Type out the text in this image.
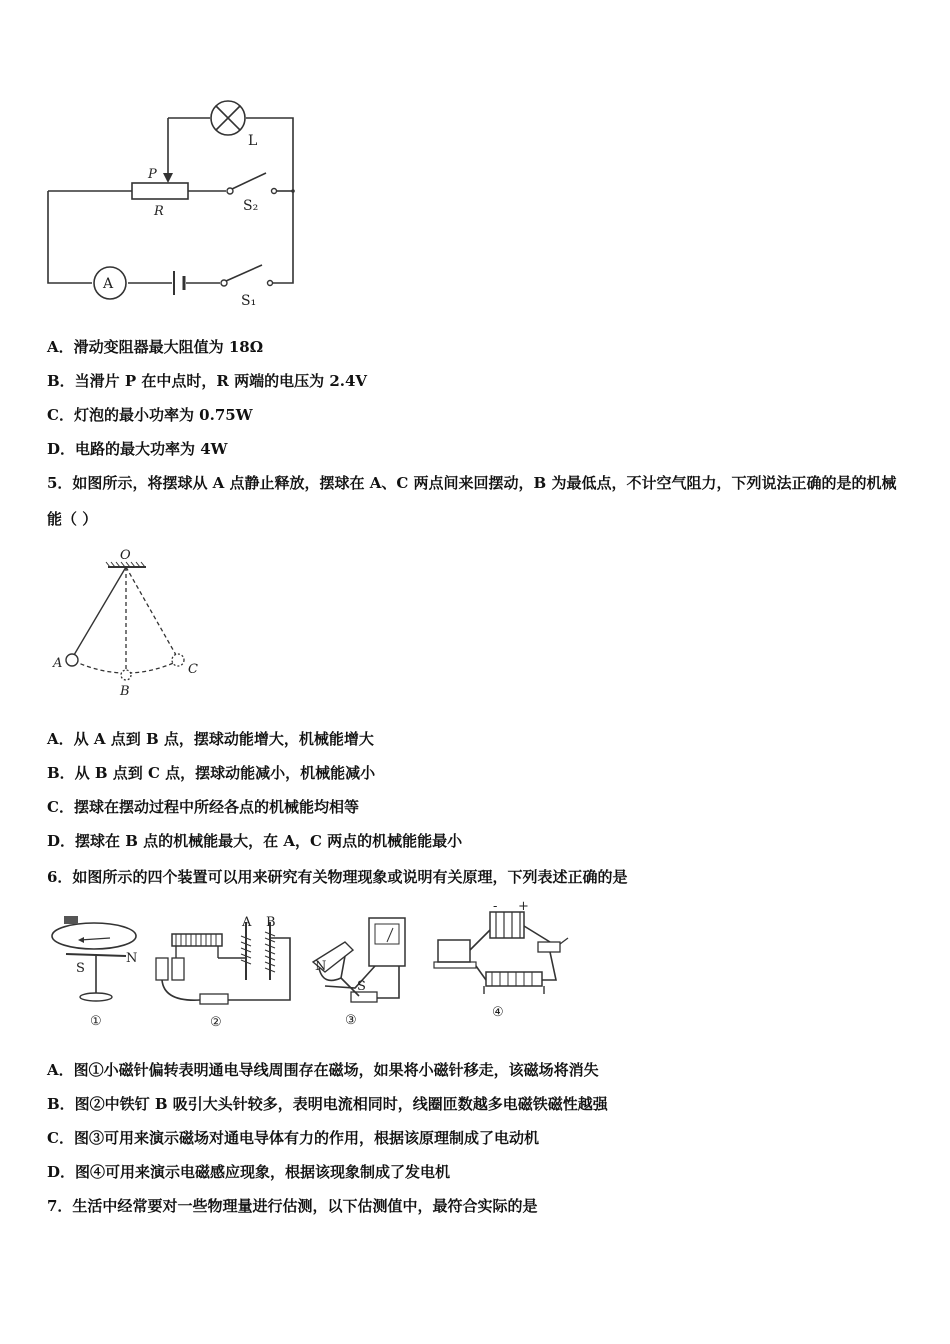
A
P
R
L
S₂
S₁
A．滑动变阻器最大阻值为 18Ω
B．当滑片 P 在中点时，R 两端的电压为 2.4V
C．灯泡的最小功率为 0.75W
D．电路的最大功率为 4W
5．如图所示，将摆球从 A 点静止释放，摆球在 A、C 两点间来回摆动，B 为最低点，不计空气阻力，下列说法正确的是的机械能（ ）
O
A
B
C
A．从 A 点到 B 点，摆球动能增大，机械能增大
B．从 B 点到 C 点，摆球动能减小，机械能减小
C．摆球在摆动过程中所经各点的机械能均相等
D．摆球在 B 点的机械能最大，在 A，C 两点的机械能能最小
6．如图所示的四个装置可以用来研究有关物理现象或说明有关原理，下列表述正确的是
S
N
①
A B
②
N
S
③
- +
④
A．图①小磁针偏转表明通电导线周围存在磁场，如果将小磁针移走，该磁场将消失
B．图②中铁钉 B 吸引大头针较多，表明电流相同时，线圈匝数越多电磁铁磁性越强
C．图③可用来演示磁场对通电导体有力的作用，根据该原理制成了电动机
D．图④可用来演示电磁感应现象，根据该现象制成了发电机
7．生活中经常要对一些物理量进行估测，以下估测值中，最符合实际的是
